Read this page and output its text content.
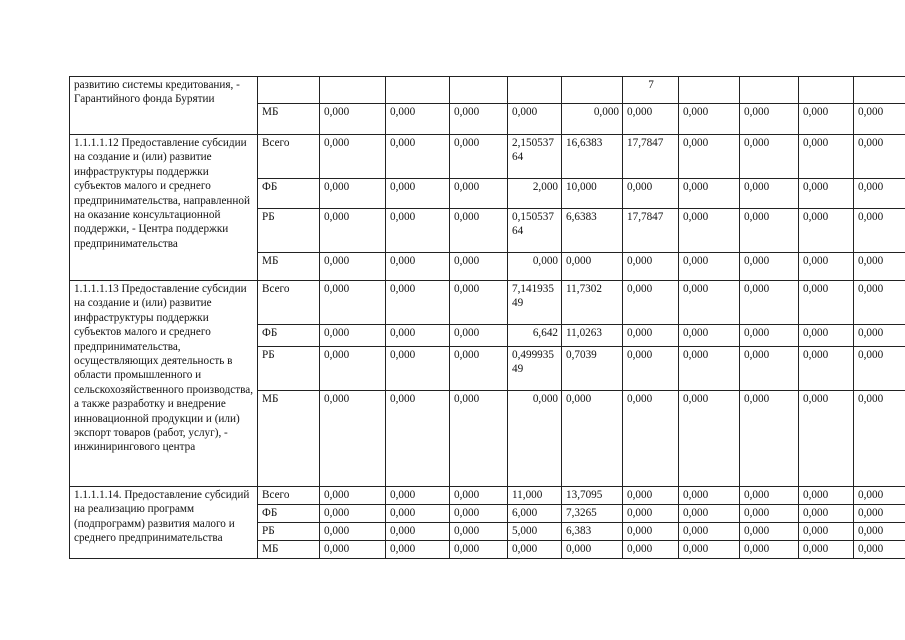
развитию системы кредитования, - Гарантийного фонда Бурятии							7				
	МБ	0,000	0,000	0,000	0,000	0,000	0,000	0,000	0,000	0,000	0,000
1.1.1.1.12 Предоставление субсидии на создание и (или) развитие инфраструктуры поддержки субъектов малого и среднего предпринимательства, направленной на оказание консультационной поддержки, - Центра поддержки предпринимательства	Всего	0,000	0,000	0,000	2,15053764	16,6383	17,7847	0,000	0,000	0,000	0,000
	ФБ	0,000	0,000	0,000	2,000	10,000	0,000	0,000	0,000	0,000	0,000
	РБ	0,000	0,000	0,000	0,15053764	6,6383	17,7847	0,000	0,000	0,000	0,000
	МБ	0,000	0,000	0,000	0,000	0,000	0,000	0,000	0,000	0,000	0,000
1.1.1.1.13 Предоставление субсидии на создание и (или) развитие инфраструктуры поддержки субъектов малого и среднего предпринимательства, осуществляющих деятельность в области промышленного и сельскохозяйственного производства, а также разработку и внедрение инновационной продукции и (или) экспорт товаров (работ, услуг), - инжинирингового центра	Всего	0,000	0,000	0,000	7,14193549	11,7302	0,000	0,000	0,000	0,000	0,000
	ФБ	0,000	0,000	0,000	6,642	11,0263	0,000	0,000	0,000	0,000	0,000
	РБ	0,000	0,000	0,000	0,49993549	0,7039	0,000	0,000	0,000	0,000	0,000
	МБ	0,000	0,000	0,000	0,000	0,000	0,000	0,000	0,000	0,000	0,000
1.1.1.1.14. Предоставление субсидий на реализацию программ (подпрограмм) развития малого и среднего предпринимательства	Всего	0,000	0,000	0,000	11,000	13,7095	0,000	0,000	0,000	0,000	0,000
	ФБ	0,000	0,000	0,000	6,000	7,3265	0,000	0,000	0,000	0,000	0,000
	РБ	0,000	0,000	0,000	5,000	6,383	0,000	0,000	0,000	0,000	0,000
	МБ	0,000	0,000	0,000	0,000	0,000	0,000	0,000	0,000	0,000	0,000
